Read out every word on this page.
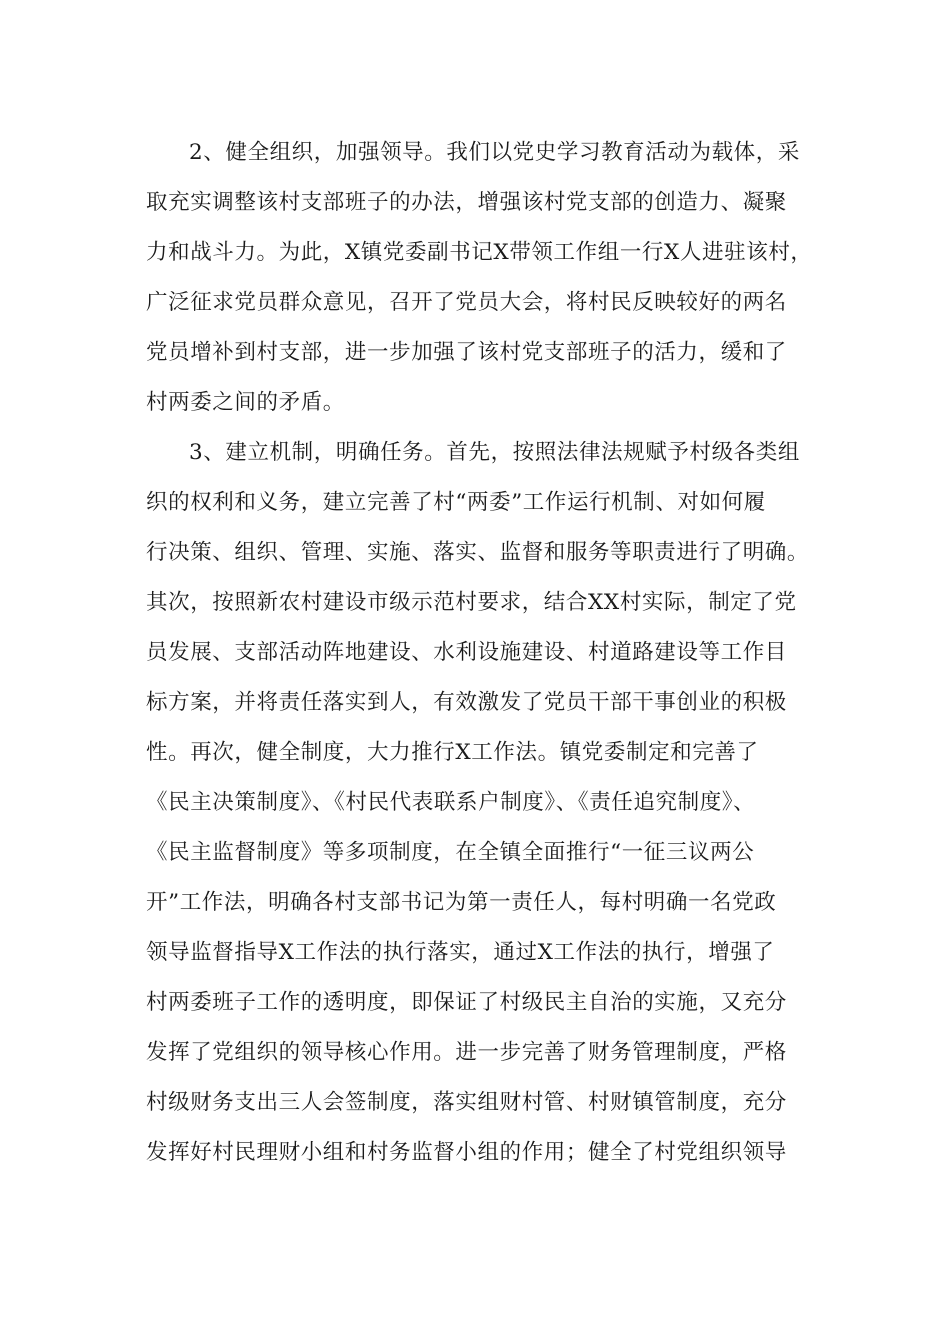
2、健全组织，加强领导。我们以党史学习教育活动为载体，采
取充实调整该村支部班子的办法，增强该村党支部的创造力、凝聚
力和战斗力。为此，X镇党委副书记X带领工作组一行X人进驻该村，
广泛征求党员群众意见，召开了党员大会，将村民反映较好的两名
党员增补到村支部，进一步加强了该村党支部班子的活力，缓和了
村两委之间的矛盾。
3、建立机制，明确任务。首先，按照法律法规赋予村级各类组
织的权利和义务，建立完善了村“两委”工作运行机制、对如何履
行决策、组织、管理、实施、落实、监督和服务等职责进行了明确。
其次，按照新农村建设市级示范村要求，结合XX村实际，制定了党
员发展、支部活动阵地建设、水利设施建设、村道路建设等工作目
标方案，并将责任落实到人，有效激发了党员干部干事创业的积极
性。再次，健全制度，大力推行X工作法。镇党委制定和完善了
《民主决策制度》、《村民代表联系户制度》、《责任追究制度》、
《民主监督制度》等多项制度，在全镇全面推行“一征三议两公
开”工作法，明确各村支部书记为第一责任人，每村明确一名党政
领导监督指导X工作法的执行落实，通过X工作法的执行，增强了
村两委班子工作的透明度，即保证了村级民主自治的实施，又充分
发挥了党组织的领导核心作用。进一步完善了财务管理制度，严格
村级财务支出三人会签制度，落实组财村管、村财镇管制度，充分
发挥好村民理财小组和村务监督小组的作用；健全了村党组织领导
